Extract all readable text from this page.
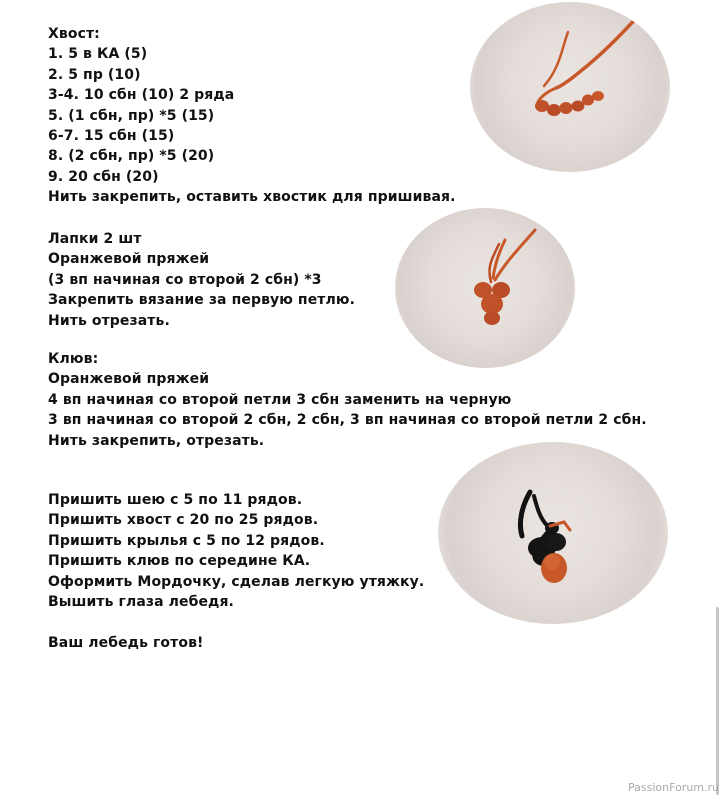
Хвост:
1. 5 в КА (5)
2. 5 пр (10)
3-4. 10 сбн (10) 2 ряда
5. (1 сбн, пр) *5 (15)
6-7. 15 сбн (15)
8. (2 сбн, пр) *5 (20)
9. 20 сбн (20)
Нить закрепить, оставить хвостик для пришивая.
Лапки 2 шт
Оранжевой пряжей
(3 вп начиная со второй 2 сбн) *3
Закрепить вязание за первую петлю.
Нить отрезать.
Клюв:
Оранжевой пряжей
4 вп начиная со второй петли 3 сбн заменить на черную
3 вп начиная со второй 2 сбн, 2 сбн, 3 вп начиная со второй петли 2 сбн.
Нить закрепить, отрезать.
Пришить шею с 5 по 11 рядов.
Пришить хвост с 20 по 25 рядов.
Пришить крылья с 5 по 12 рядов.
Пришить клюв по середине КА.
Оформить Мордочку, сделав легкую утяжку.
Вышить глаза лебедя.
Ваш лебедь готов!
PassionForum.ru
